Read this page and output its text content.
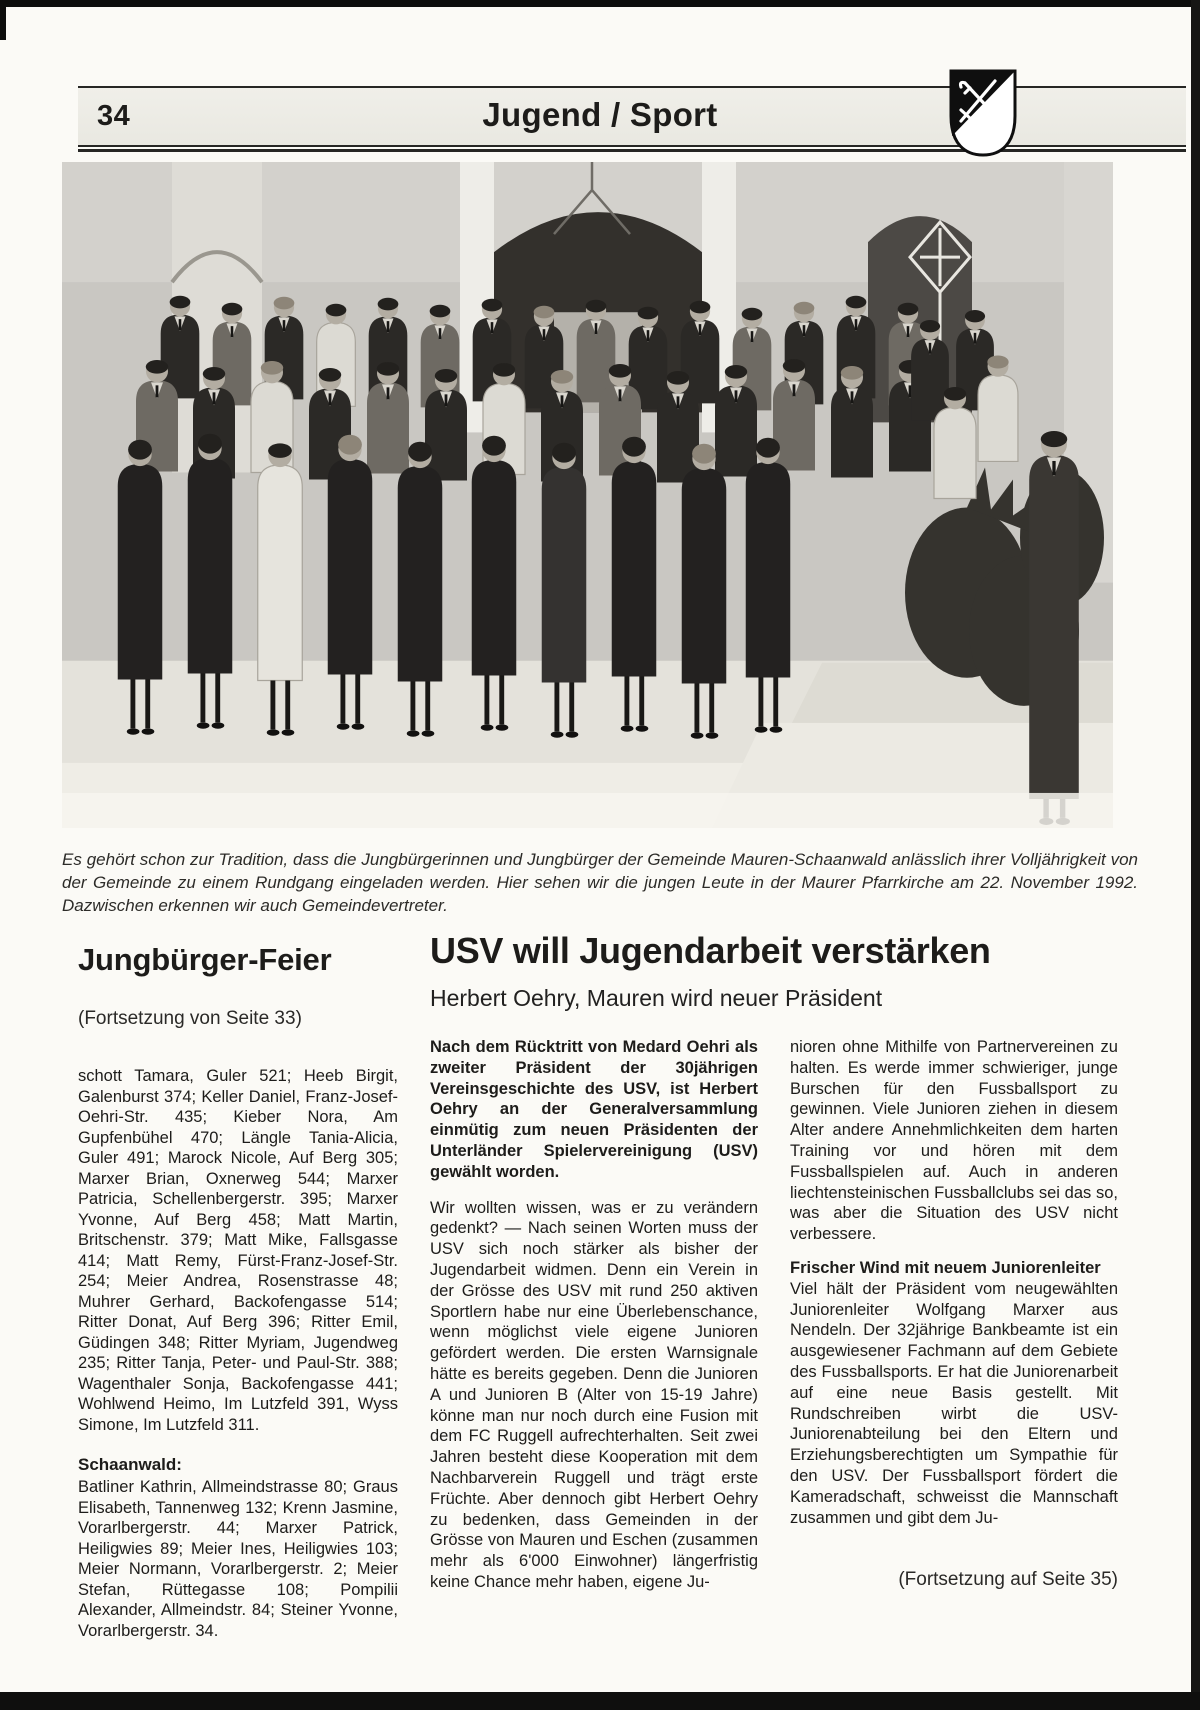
34	Jugend / Sport
Es gehört schon zur Tradition, dass die Jungbürgerinnen und Jungbürger der Gemeinde Mauren-Schaanwald anlässlich ihrer Volljährigkeit von der Gemeinde zu einem Rundgang eingeladen werden. Hier sehen wir die jungen Leute in der Maurer Pfarrkirche am 22. November 1992. Dazwischen erkennen wir auch Gemeindevertreter.
Jungbürger-Feier
(Fortsetzung von Seite 33)

schott Tamara, Guler 521; Heeb Birgit, Galenburst 374; Keller Daniel, Franz-Josef-Oehri-Str. 435; Kieber Nora, Am Gupfenbühel 470; Längle Tania-Alicia, Guler 491; Marock Nicole, Auf Berg 305; Marxer Brian, Oxnerweg 544; Marxer Patricia, Schellenbergerstr. 395; Marxer Yvonne, Auf Berg 458; Matt Martin, Britschenstr. 379; Matt Mike, Fallsgasse 414; Matt Remy, Fürst-Franz-Josef-Str. 254; Meier Andrea, Rosenstrasse 48; Muhrer Gerhard, Backofengasse 514; Ritter Donat, Auf Berg 396; Ritter Emil, Güdingen 348; Ritter Myriam, Jugendweg 235; Ritter Tanja, Peter- und Paul-Str. 388; Wagenthaler Sonja, Backofengasse 441; Wohlwend Heimo, Im Lutzfeld 391, Wyss Simone, Im Lutzfeld 311.

Schaanwald:

Batliner Kathrin, Allmeindstrasse 80; Graus Elisabeth, Tannenweg 132; Krenn Jasmine, Vorarlbergerstr. 44; Marxer Patrick, Heiligwies 89; Meier Ines, Heiligwies 103; Meier Normann, Vorarlbergerstr. 2; Meier Stefan, Rüttegasse 108; Pompilii Alexander, Allmeindstr. 84; Steiner Yvonne, Vorarlbergerstr. 34.

USV will Jugendarbeit verstärken
Herbert Oehry, Mauren wird neuer Präsident

Nach dem Rücktritt von Medard Oehri als zweiter Präsident der 30jährigen Vereinsgeschichte des USV, ist Herbert Oehry an der Generalversammlung einmütig zum neuen Präsidenten der Unterländer Spielervereinigung (USV) gewählt worden.

Wir wollten wissen, was er zu verändern gedenkt? — Nach seinen Worten muss der USV sich noch stärker als bisher der Jugendarbeit widmen. Denn ein Verein in der Grösse des USV mit rund 250 aktiven Sportlern habe nur eine Überlebenschance, wenn möglichst viele eigene Junioren gefördert werden. Die ersten Warnsignale hätte es bereits gegeben. Denn die Junioren A und Junioren B (Alter von 15-19 Jahre) könne man nur noch durch eine Fusion mit dem FC Ruggell aufrechterhalten. Seit zwei Jahren besteht diese Kooperation mit dem Nachbarverein Ruggell und trägt erste Früchte. Aber dennoch gibt Herbert Oehry zu bedenken, dass Gemeinden in der Grösse von Mauren und Eschen (zusammen mehr als 6'000 Einwohner) längerfristig keine Chance mehr haben, eigene Ju-

nioren ohne Mithilfe von Partnervereinen zu halten. Es werde immer schwieriger, junge Burschen für den Fussballsport zu gewinnen. Viele Junioren ziehen in diesem Alter andere Annehmlichkeiten dem harten Training vor und hören mit dem Fussballspielen auf. Auch in anderen liechtensteinischen Fussballclubs sei das so, was aber die Situation des USV nicht verbessere.

Frischer Wind mit neuem Juniorenleiter

Viel hält der Präsident vom neugewählten Juniorenleiter Wolfgang Marxer aus Nendeln. Der 32jährige Bankbeamte ist ein ausgewiesener Fachmann auf dem Gebiete des Fussballsports. Er hat die Juniorenarbeit auf eine neue Basis gestellt. Mit Rundschreiben wirbt die USV-Juniorenabteilung bei den Eltern und Erziehungsberechtigten um Sympathie für den USV. Der Fussballsport fördert die Kameradschaft, schweisst die Mannschaft zusammen und gibt dem Ju-

(Fortsetzung auf Seite 35)
